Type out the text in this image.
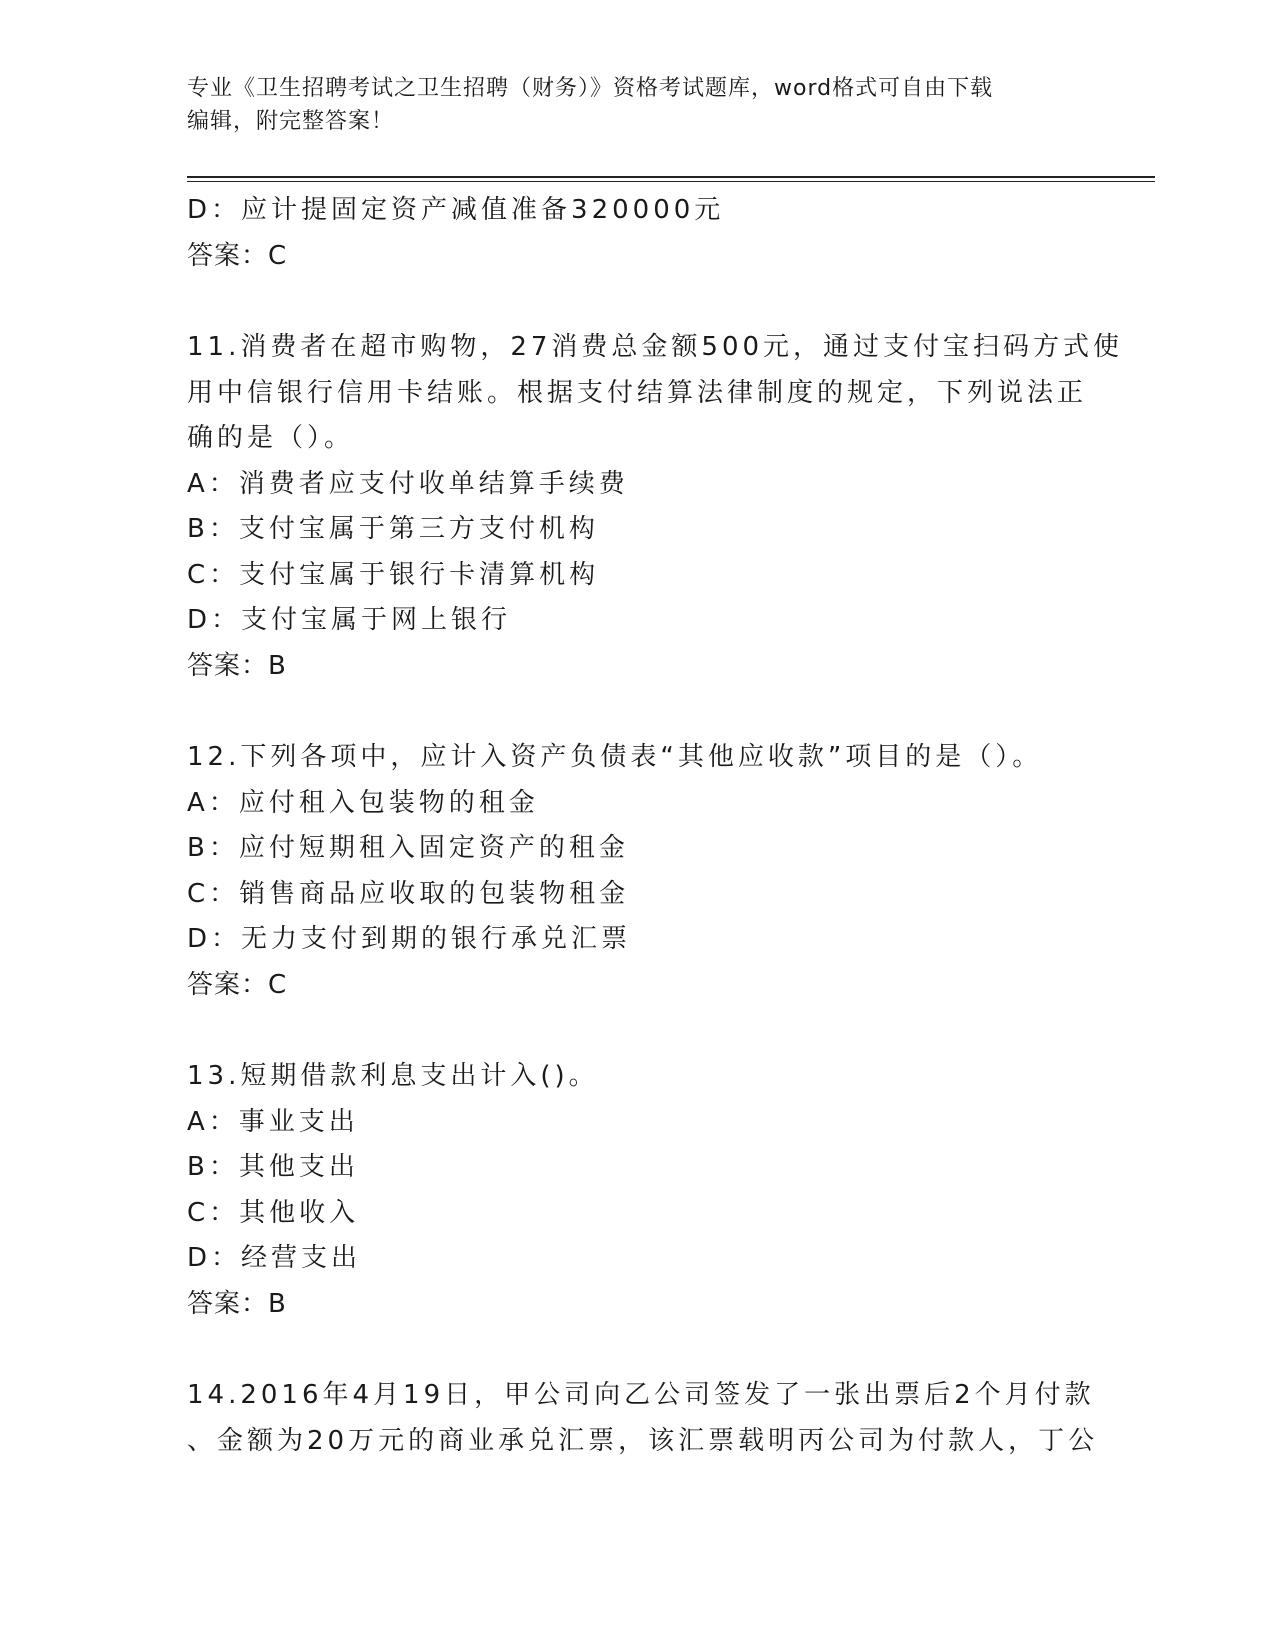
专业《卫生招聘考试之卫生招聘（财务）》资格考试题库，word格式可自由下载
编辑，附完整答案！
D：应计提固定资产减值准备320000元
答案：C
11.消费者在超市购物，27消费总金额500元，通过支付宝扫码方式使
用中信银行信用卡结账。根据支付结算法律制度的规定，下列说法正
确的是（）。
A：消费者应支付收单结算手续费
B：支付宝属于第三方支付机构
C：支付宝属于银行卡清算机构
D：支付宝属于网上银行
答案：B
12.下列各项中，应计入资产负债表“其他应收款”项目的是（）。
A：应付租入包装物的租金
B：应付短期租入固定资产的租金
C：销售商品应收取的包装物租金
D：无力支付到期的银行承兑汇票
答案：C
13.短期借款利息支出计入()。
A：事业支出
B：其他支出
C：其他收入
D：经营支出
答案：B
14.2016年4月19日，甲公司向乙公司签发了一张出票后2个月付款
、金额为20万元的商业承兑汇票，该汇票载明丙公司为付款人，丁公
